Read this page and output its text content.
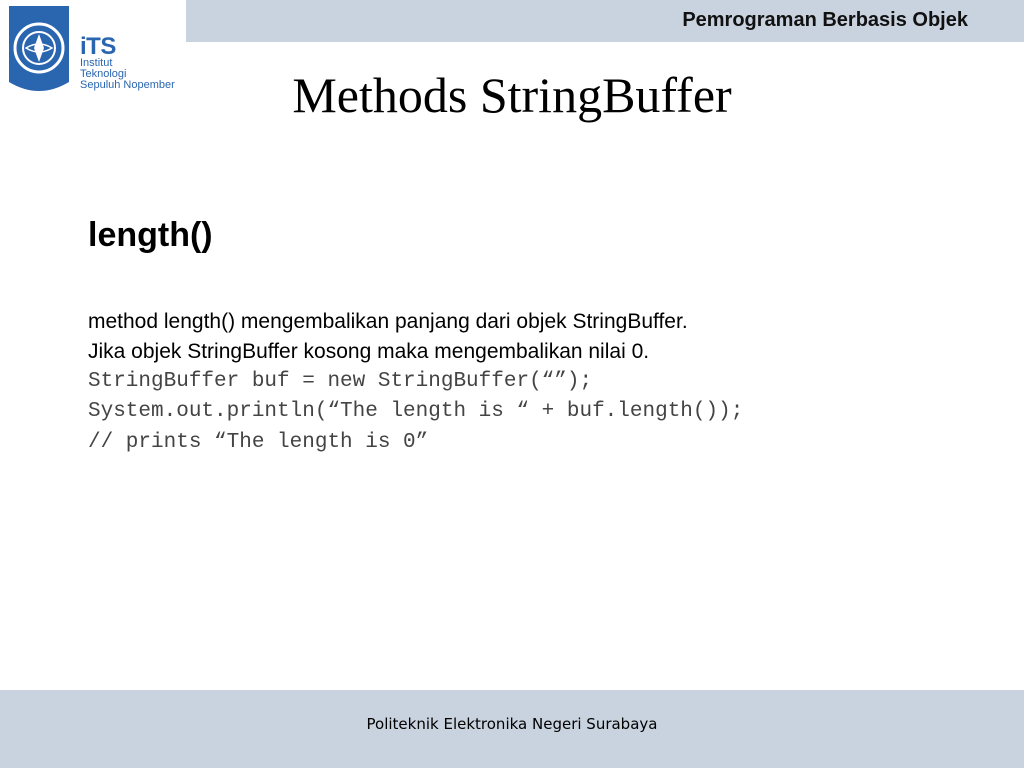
Pemrograman Berbasis Objek
iTS
Institut
Teknologi
Sepuluh Nopember	Methods StringBuffer
length()
method length() mengembalikan panjang dari objek StringBuffer.
Jika objek StringBuffer kosong maka mengembalikan nilai 0.
StringBuffer buf = new StringBuffer(“”);
System.out.println(“The length is “ + buf.length());
// prints “The length is 0”
Politeknik Elektronika Negeri Surabaya
